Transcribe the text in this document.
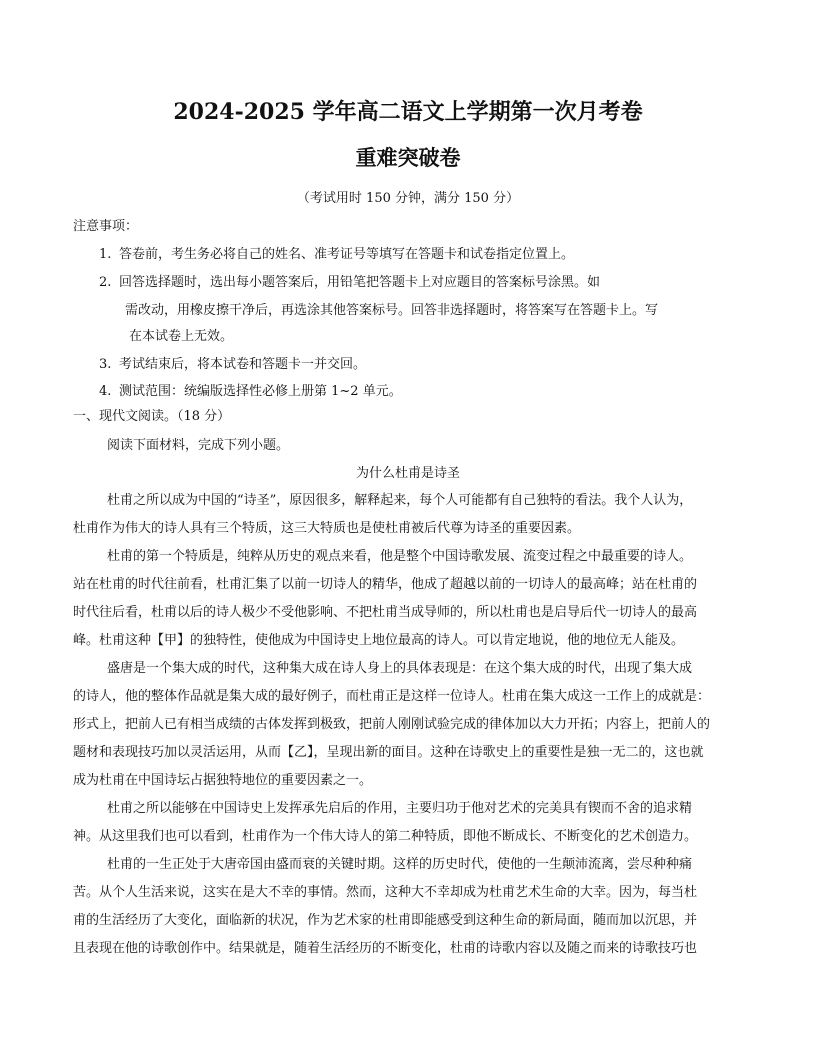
2024-2025 学年高二语文上学期第一次月考卷
重难突破卷
（考试用时 150 分钟，满分 150 分）
注意事项：
1. 答卷前，考生务必将自己的姓名、准考证号等填写在答题卡和试卷指定位置上。
2. 回答选择题时，选出每小题答案后，用铅笔把答题卡上对应题目的答案标号涂黑。如
需改动，用橡皮擦干净后，再选涂其他答案标号。回答非选择题时，将答案写在答题卡上。写
在本试卷上无效。
3. 考试结束后，将本试卷和答题卡一并交回。
4. 测试范围：统编版选择性必修上册第 1~2 单元。
一、现代文阅读。（18 分）
阅读下面材料，完成下列小题。
为什么杜甫是诗圣
杜甫之所以成为中国的“诗圣”，原因很多，解释起来，每个人可能都有自己独特的看法。我个人认为，
杜甫作为伟大的诗人具有三个特质，这三大特质也是使杜甫被后代尊为诗圣的重要因素。
杜甫的第一个特质是，纯粹从历史的观点来看，他是整个中国诗歌发展、流变过程之中最重要的诗人。
站在杜甫的时代往前看，杜甫汇集了以前一切诗人的精华，他成了超越以前的一切诗人的最高峰；站在杜甫的
时代往后看，杜甫以后的诗人极少不受他影响、不把杜甫当成导师的，所以杜甫也是启导后代一切诗人的最高
峰。杜甫这种【甲】的独特性，使他成为中国诗史上地位最高的诗人。可以肯定地说，他的地位无人能及。
盛唐是一个集大成的时代，这种集大成在诗人身上的具体表现是：在这个集大成的时代，出现了集大成
的诗人，他的整体作品就是集大成的最好例子，而杜甫正是这样一位诗人。杜甫在集大成这一工作上的成就是：
形式上，把前人已有相当成绩的古体发挥到极致，把前人刚刚试验完成的律体加以大力开拓；内容上，把前人的
题材和表现技巧加以灵活运用，从而【乙】，呈现出新的面目。这种在诗歌史上的重要性是独一无二的，这也就
成为杜甫在中国诗坛占据独特地位的重要因素之一。
杜甫之所以能够在中国诗史上发挥承先启后的作用，主要归功于他对艺术的完美具有锲而不舍的追求精
神。从这里我们也可以看到，杜甫作为一个伟大诗人的第二种特质，即他不断成长、不断变化的艺术创造力。
杜甫的一生正处于大唐帝国由盛而衰的关键时期。这样的历史时代，使他的一生颠沛流离，尝尽种种痛
苦。从个人生活来说，这实在是大不幸的事情。然而，这种大不幸却成为杜甫艺术生命的大幸。因为，每当杜
甫的生活经历了大变化，面临新的状况，作为艺术家的杜甫即能感受到这种生命的新局面，随而加以沉思，并
且表现在他的诗歌创作中。结果就是，随着生活经历的不断变化，杜甫的诗歌内容以及随之而来的诗歌技巧也
